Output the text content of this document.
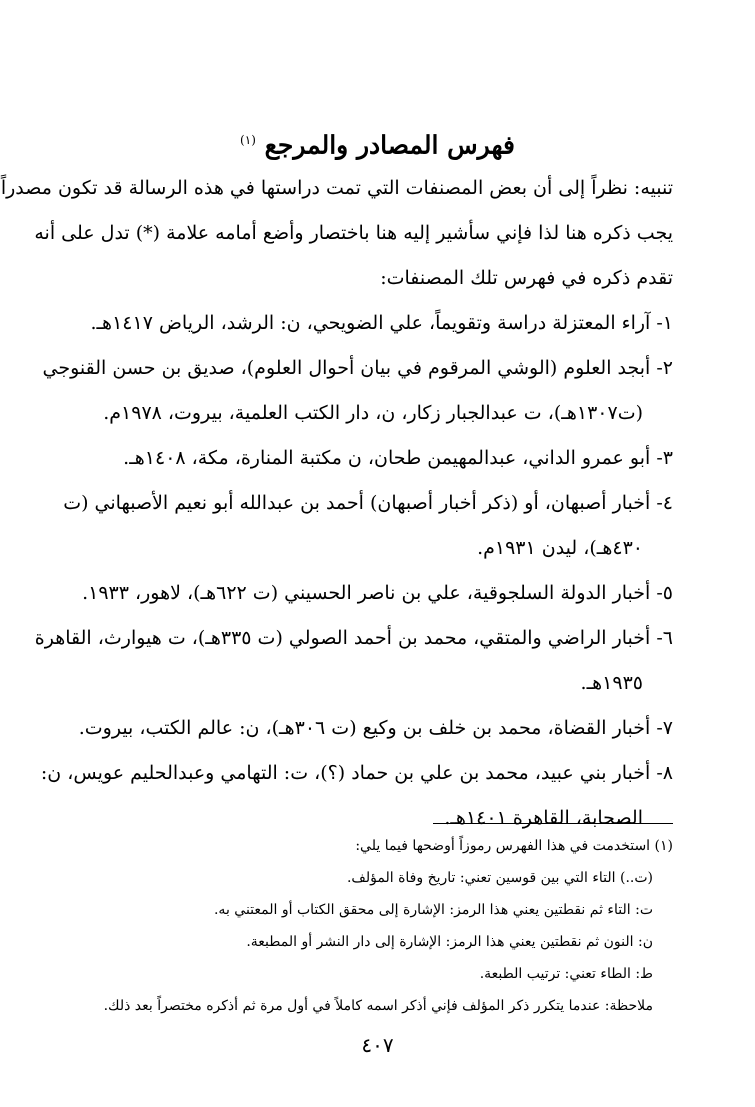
فهرس المصادر والمرجع $^{(١)}$
تنبيه: نظراً إلى أن بعض المصنفات التي تمت دراستها في هذه الرسالة قد تكون مصدراً
يجب ذكره هنا لذا فإني سأشير إليه هنا باختصار وأضع أمامه علامة (*) تدل على أنه
تقدم ذكره في فهرس تلك المصنفات:
١- آراء المعتزلة دراسة وتقويماً، علي الضويحي، ن: الرشد، الرياض ١٤١٧هـ.
٢- أبجد العلوم (الوشي المرقوم في بيان أحوال العلوم)، صديق بن حسن القنوجي
(ت١٣٠٧هـ)، ت عبدالجبار زكار، ن، دار الكتب العلمية، بيروت، ١٩٧٨م.
٣- أبو عمرو الداني، عبدالمهيمن طحان، ن مكتبة المنارة، مكة، ١٤٠٨هـ.
٤- أخبار أصبهان، أو (ذكر أخبار أصبهان) أحمد بن عبدالله أبو نعيم الأصبهاني (ت
٤٣٠هـ)، ليدن ١٩٣١م.
٥- أخبار الدولة السلجوقية، علي بن ناصر الحسيني (ت ٦٢٢هـ)، لاهور، ١٩٣٣.
٦- أخبار الراضي والمتقي، محمد بن أحمد الصولي (ت ٣٣٥هـ)، ت هيوارث، القاهرة
١٩٣٥هـ.
٧- أخبار القضاة، محمد بن خلف بن وكيع (ت ٣٠٦هـ)، ن: عالم الكتب، بيروت.
٨- أخبار بني عبيد، محمد بن علي بن حماد (؟)، ت: التهامي وعبدالحليم عويس، ن:
الصحابة، القاهرة ١٤٠١هـ.
(١) استخدمت في هذا الفهرس رموزاً أوضحها فيما يلي:
(ت..) التاء التي بين قوسين تعني: تاريخ وفاة المؤلف.
ت: التاء ثم نقطتين يعني هذا الرمز: الإشارة إلى محقق الكتاب أو المعتني به.
ن: النون ثم نقطتين يعني هذا الرمز: الإشارة إلى دار النشر أو المطبعة.
ط: الطاء تعني: ترتيب الطبعة.
ملاحظة: عندما يتكرر ذكر المؤلف فإني أذكر اسمه كاملاً في أول مرة ثم أذكره مختصراً بعد ذلك.
٤٠٧
